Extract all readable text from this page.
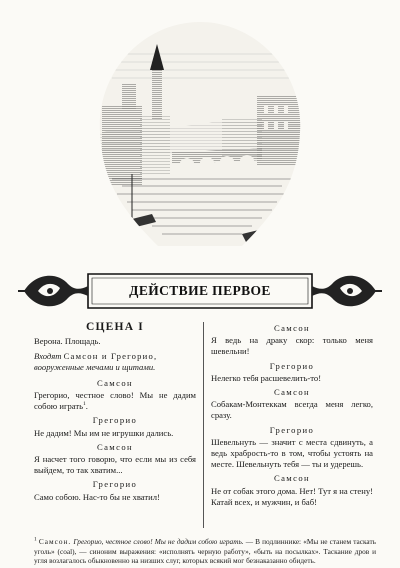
ДЕЙСТВИЕ ПЕРВОЕ
СЦЕНА I
Верона. Площадь.
Входят Самсон и Грегорио, вооруженные мечами и щитами.
Самсон
Грегорио, честное слово! Мы не дадим собою играть$^1$.
Грегорио
Не дадим! Мы им не игрушки дались.
Самсон
Я насчет того говорю, что если мы из себя выйдем, то так хватим...
Грегорио
Само собою. Нас-то бы не хватил!
Самсон
Я ведь на драку скор: только меня шевельни!
Грегорио
Нелегко тебя расшевелить-то!
Самсон
Собакам-Монтеккам всегда меня легко, сразу.
Грегорио
Шевельнуть — значит с места сдвинуть, а ведь храбрость-то в том, чтобы устоять на месте. Шевельнуть тебя — ты и удерешь.
Самсон
Не от собак этого дома. Нет! Тут я на стену! Катай всех, и мужчин, и баб!
$^1$ Самсон. Грегорио, честное слово! Мы не дадим собою играть. — В подлиннике: «Мы не станем таскать уголь» (coal), — синоним выражения: «исполнять черную работу», «быть на посылках». Таскание дров и угля возлагалось обыкновенно на низших слуг, которых всякий мог безнаказанно обидеть.
